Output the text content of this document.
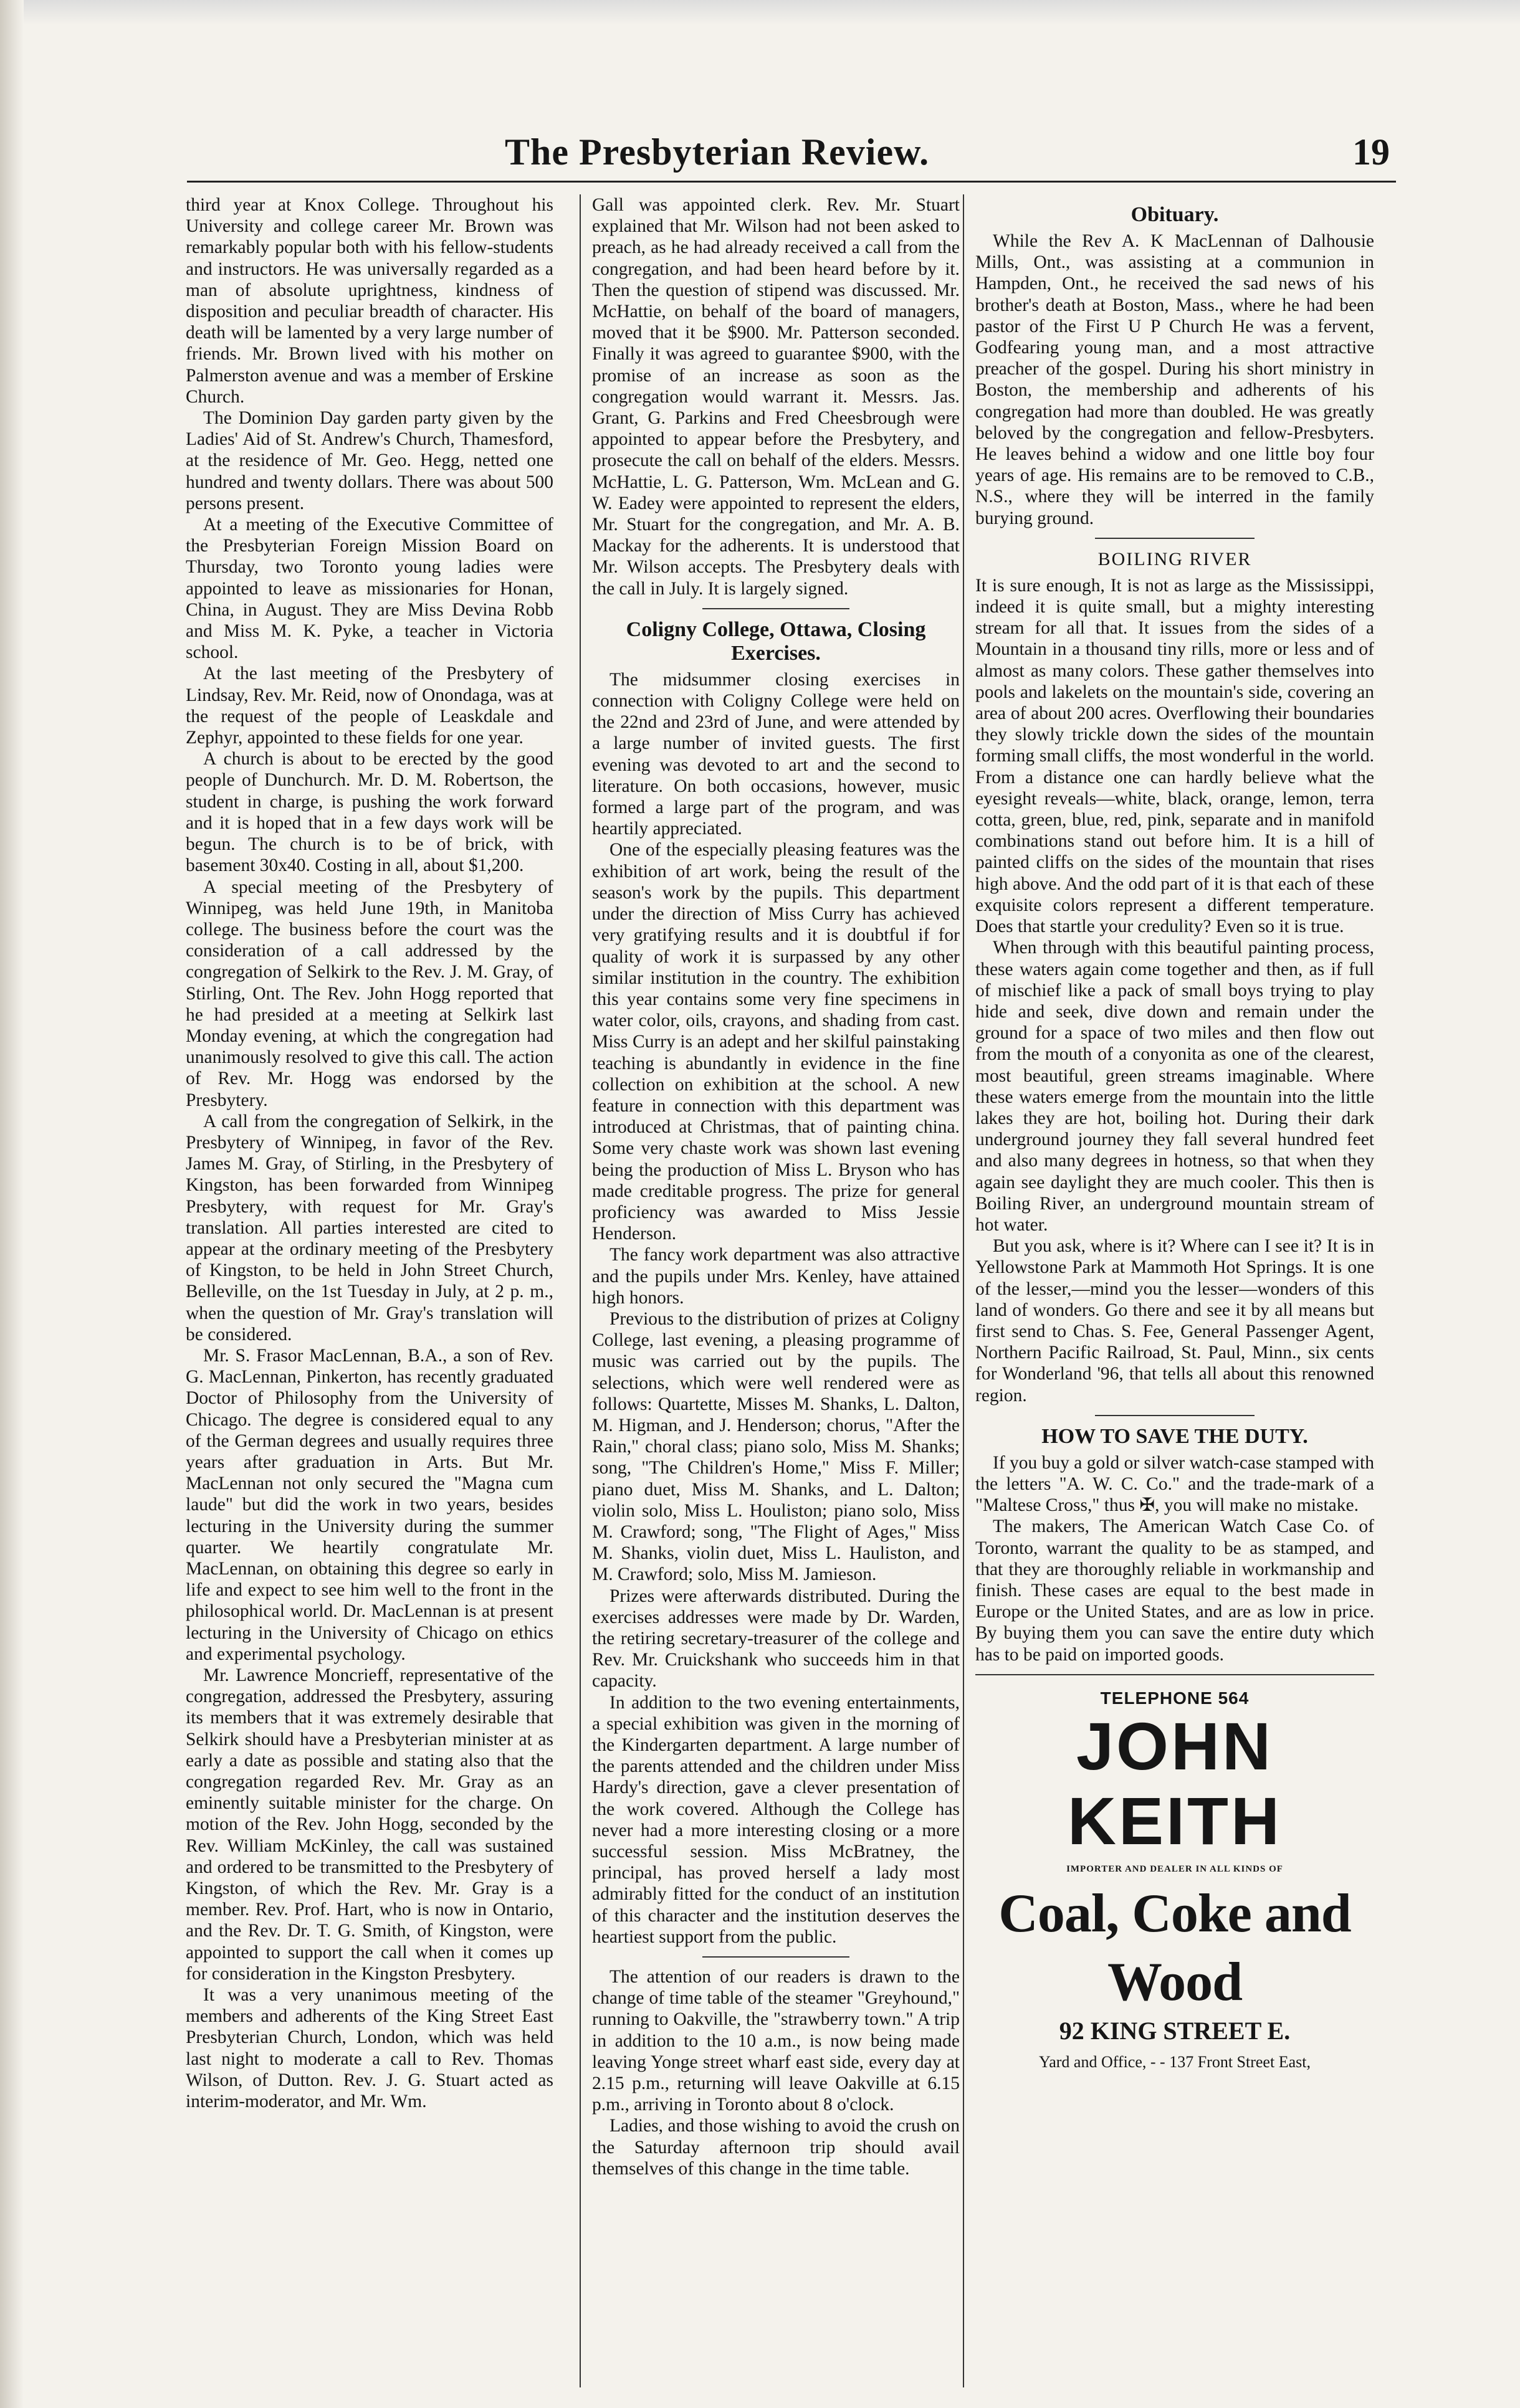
The Presbyterian Review.	19

third year at Knox College. Throughout his University and college career Mr. Brown was remarkably popular both with his fellow-students and instructors. He was universally regarded as a man of absolute uprightness, kindness of disposition and peculiar breadth of character. His death will be lamented by a very large number of friends. Mr. Brown lived with his mother on Palmerston avenue and was a member of Erskine Church.

The Dominion Day garden party given by the Ladies' Aid of St. Andrew's Church, Thamesford, at the residence of Mr. Geo. Hegg, netted one hundred and twenty dollars. There was about 500 persons present.

At a meeting of the Executive Committee of the Presbyterian Foreign Mission Board on Thursday, two Toronto young ladies were appointed to leave as missionaries for Honan, China, in August. They are Miss Devina Robb and Miss M. K. Pyke, a teacher in Victoria school.

At the last meeting of the Presbytery of Lindsay, Rev. Mr. Reid, now of Onondaga, was at the request of the people of Leaskdale and Zephyr, appointed to these fields for one year.

A church is about to be erected by the good people of Dunchurch. Mr. D. M. Robertson, the student in charge, is pushing the work forward and it is hoped that in a few days work will be begun. The church is to be of brick, with basement 30x40. Costing in all, about $1,200.

A special meeting of the Presbytery of Winnipeg, was held June 19th, in Manitoba college. The business before the court was the consideration of a call addressed by the congregation of Selkirk to the Rev. J. M. Gray, of Stirling, Ont. The Rev. John Hogg reported that he had presided at a meeting at Selkirk last Monday evening, at which the congregation had unanimously resolved to give this call. The action of Rev. Mr. Hogg was endorsed by the Presbytery.

A call from the congregation of Selkirk, in the Presbytery of Winnipeg, in favor of the Rev. James M. Gray, of Stirling, in the Presbytery of Kingston, has been forwarded from Winnipeg Presbytery, with request for Mr. Gray's translation. All parties interested are cited to appear at the ordinary meeting of the Presbytery of Kingston, to be held in John Street Church, Belleville, on the 1st Tuesday in July, at 2 p. m., when the question of Mr. Gray's translation will be considered.

Mr. S. Frasor MacLennan, B.A., a son of Rev. G. MacLennan, Pinkerton, has recently graduated Doctor of Philosophy from the University of Chicago. The degree is considered equal to any of the German degrees and usually requires three years after graduation in Arts. But Mr. MacLennan not only secured the "Magna cum laude" but did the work in two years, besides lecturing in the University during the summer quarter. We heartily congratulate Mr. MacLennan, on obtaining this degree so early in life and expect to see him well to the front in the philosophical world. Dr. MacLennan is at present lecturing in the University of Chicago on ethics and experimental psychology.

Mr. Lawrence Moncrieff, representative of the congregation, addressed the Presbytery, assuring its members that it was extremely desirable that Selkirk should have a Presbyterian minister at as early a date as possible and stating also that the congregation regarded Rev. Mr. Gray as an eminently suitable minister for the charge. On motion of the Rev. John Hogg, seconded by the Rev. William McKinley, the call was sustained and ordered to be transmitted to the Presbytery of Kingston, of which the Rev. Mr. Gray is a member. Rev. Prof. Hart, who is now in Ontario, and the Rev. Dr. T. G. Smith, of Kingston, were appointed to support the call when it comes up for consideration in the Kingston Presbytery.

It was a very unanimous meeting of the members and adherents of the King Street East Presbyterian Church, London, which was held last night to moderate a call to Rev. Thomas Wilson, of Dutton. Rev. J. G. Stuart acted as interim-moderator, and Mr. Wm.

Gall was appointed clerk. Rev. Mr. Stuart explained that Mr. Wilson had not been asked to preach, as he had already received a call from the congregation, and had been heard before by it. Then the question of stipend was discussed. Mr. McHattie, on behalf of the board of managers, moved that it be $900. Mr. Patterson seconded. Finally it was agreed to guarantee $900, with the promise of an increase as soon as the congregation would warrant it. Messrs. Jas. Grant, G. Parkins and Fred Cheesbrough were appointed to appear before the Presbytery, and prosecute the call on behalf of the elders. Messrs. McHattie, L. G. Patterson, Wm. McLean and G. W. Eadey were appointed to represent the elders, Mr. Stuart for the congregation, and Mr. A. B. Mackay for the adherents. It is understood that Mr. Wilson accepts. The Presbytery deals with the call in July. It is largely signed.

Coligny College, Ottawa, Closing Exercises.

The midsummer closing exercises in connection with Coligny College were held on the 22nd and 23rd of June, and were attended by a large number of invited guests. The first evening was devoted to art and the second to literature. On both occasions, however, music formed a large part of the program, and was heartily appreciated.

One of the especially pleasing features was the exhibition of art work, being the result of the season's work by the pupils. This department under the direction of Miss Curry has achieved very gratifying results and it is doubtful if for quality of work it is surpassed by any other similar institution in the country. The exhibition this year contains some very fine specimens in water color, oils, crayons, and shading from cast. Miss Curry is an adept and her skilful painstaking teaching is abundantly in evidence in the fine collection on exhibition at the school. A new feature in connection with this department was introduced at Christmas, that of painting china. Some very chaste work was shown last evening being the production of Miss L. Bryson who has made creditable progress. The prize for general proficiency was awarded to Miss Jessie Henderson.

The fancy work department was also attractive and the pupils under Mrs. Kenley, have attained high honors.

Previous to the distribution of prizes at Coligny College, last evening, a pleasing programme of music was carried out by the pupils. The selections, which were well rendered were as follows: Quartette, Misses M. Shanks, L. Dalton, M. Higman, and J. Henderson; chorus, "After the Rain," choral class; piano solo, Miss M. Shanks; song, "The Children's Home," Miss F. Miller; piano duet, Miss M. Shanks, and L. Dalton; violin solo, Miss L. Houliston; piano solo, Miss M. Crawford; song, "The Flight of Ages," Miss M. Shanks, violin duet, Miss L. Hauliston, and M. Crawford; solo, Miss M. Jamieson.

Prizes were afterwards distributed. During the exercises addresses were made by Dr. Warden, the retiring secretary-treasurer of the college and Rev. Mr. Cruickshank who succeeds him in that capacity.

In addition to the two evening entertainments, a special exhibition was given in the morning of the Kindergarten department. A large number of the parents attended and the children under Miss Hardy's direction, gave a clever presentation of the work covered. Although the College has never had a more interesting closing or a more successful session. Miss McBratney, the principal, has proved herself a lady most admirably fitted for the conduct of an institution of this character and the institution deserves the heartiest support from the public.

The attention of our readers is drawn to the change of time table of the steamer "Greyhound," running to Oakville, the "strawberry town." A trip in addition to the 10 a.m., is now being made leaving Yonge street wharf east side, every day at 2.15 p.m., returning will leave Oakville at 6.15 p.m., arriving in Toronto about 8 o'clock.

Ladies, and those wishing to avoid the crush on the Saturday afternoon trip should avail themselves of this change in the time table.

Obituary.

While the Rev A. K MacLennan of Dalhousie Mills, Ont., was assisting at a communion in Hampden, Ont., he received the sad news of his brother's death at Boston, Mass., where he had been pastor of the First U P Church He was a fervent, Godfearing young man, and a most attractive preacher of the gospel. During his short ministry in Boston, the membership and adherents of his congregation had more than doubled. He was greatly beloved by the congregation and fellow-Presbyters. He leaves behind a widow and one little boy four years of age. His remains are to be removed to C.B., N.S., where they will be interred in the family burying ground.

BOILING RIVER

It is sure enough, It is not as large as the Mississippi, indeed it is quite small, but a mighty interesting stream for all that. It issues from the sides of a Mountain in a thousand tiny rills, more or less and of almost as many colors. These gather themselves into pools and lakelets on the mountain's side, covering an area of about 200 acres. Overflowing their boundaries they slowly trickle down the sides of the mountain forming small cliffs, the most wonderful in the world. From a distance one can hardly believe what the eyesight reveals—white, black, orange, lemon, terra cotta, green, blue, red, pink, separate and in manifold combinations stand out before him. It is a hill of painted cliffs on the sides of the mountain that rises high above. And the odd part of it is that each of these exquisite colors represent a different temperature. Does that startle your credulity? Even so it is true.

When through with this beautiful painting process, these waters again come together and then, as if full of mischief like a pack of small boys trying to play hide and seek, dive down and remain under the ground for a space of two miles and then flow out from the mouth of a conyonita as one of the clearest, most beautiful, green streams imaginable. Where these waters emerge from the mountain into the little lakes they are hot, boiling hot. During their dark underground journey they fall several hundred feet and also many degrees in hotness, so that when they again see daylight they are much cooler. This then is Boiling River, an underground mountain stream of hot water.

But you ask, where is it? Where can I see it? It is in Yellowstone Park at Mammoth Hot Springs. It is one of the lesser,—mind you the lesser—wonders of this land of wonders. Go there and see it by all means but first send to Chas. S. Fee, General Passenger Agent, Northern Pacific Railroad, St. Paul, Minn., six cents for Wonderland '96, that tells all about this renowned region.

HOW TO SAVE THE DUTY.

If you buy a gold or silver watch-case stamped with the letters "A. W. C. Co." and the trade-mark of a "Maltese Cross," thus ✠, you will make no mistake.

The makers, The American Watch Case Co. of Toronto, warrant the quality to be as stamped, and that they are thoroughly reliable in workmanship and finish. These cases are equal to the best made in Europe or the United States, and are as low in price. By buying them you can save the entire duty which has to be paid on imported goods.

TELEPHONE 564
JOHN KEITH
IMPORTER AND DEALER IN ALL KINDS OF
Coal, Coke and Wood
92 KING STREET E.
Yard and Office, - - 137 Front Street East,
